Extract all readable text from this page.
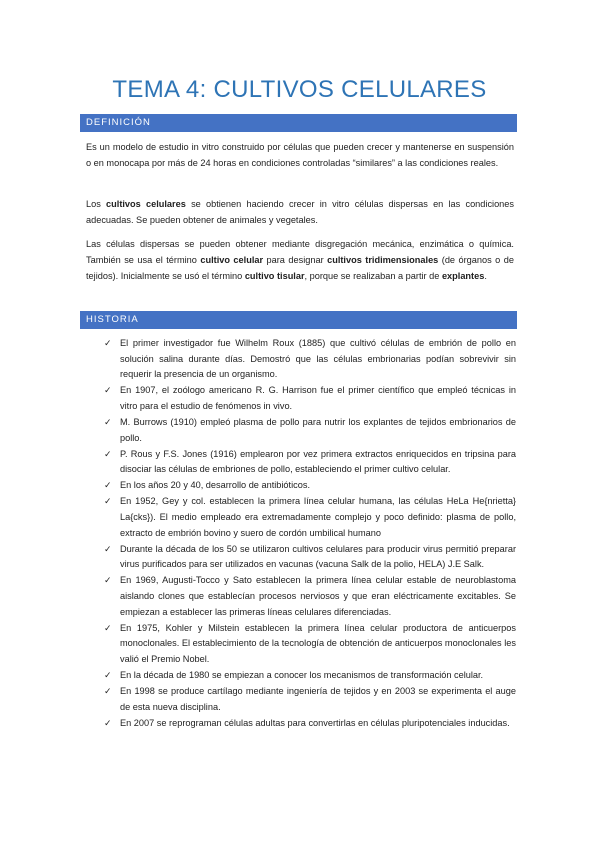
TEMA 4: CULTIVOS CELULARES
DEFINICIÓN

Es un modelo de estudio in vitro construido por células que pueden crecer y mantenerse en suspensión o en monocapa por más de 24 horas en condiciones controladas “similares” a las condiciones reales.

Los cultivos celulares se obtienen haciendo crecer in vitro células dispersas en las condiciones adecuadas. Se pueden obtener de animales y vegetales.

Las células dispersas se pueden obtener mediante disgregación mecánica, enzimática o química. También se usa el término cultivo celular para designar cultivos tridimensionales (de órganos o de tejidos). Inicialmente se usó el término cultivo tisular, porque se realizaban a partir de explantes.

HISTORIA
✓ El primer investigador fue Wilhelm Roux (1885) que cultivó células de embrión de pollo en solución salina durante días. Demostró que las células embrionarias podían sobrevivir sin requerir la presencia de un organismo.
✓ En 1907, el zoólogo americano R. G. Harrison fue el primer científico que empleó técnicas in vitro para el estudio de fenómenos in vivo.
✓ M. Burrows (1910) empleó plasma de pollo para nutrir los explantes de tejidos embrionarios de pollo.
✓ P. Rous y F.S. Jones (1916) emplearon por vez primera extractos enriquecidos en tripsina para disociar las células de embriones de pollo, estableciendo el primer cultivo celular.
✓ En los años 20 y 40, desarrollo de antibióticos.
✓ En 1952, Gey y col. establecen la primera línea celular humana, las células HeLa He{nrietta} La{cks}). El medio empleado era extremadamente complejo y poco definido: plasma de pollo, extracto de embrión bovino y suero de cordón umbilical humano
✓ Durante la década de los 50 se utilizaron cultivos celulares para producir virus permitió preparar virus purificados para ser utilizados en vacunas (vacuna Salk de la polio, HELA) J.E Salk.
✓ En 1969, Augusti-Tocco y Sato establecen la primera línea celular estable de neuroblastoma aislando clones que establecían procesos nerviosos y que eran eléctricamente excitables. Se empiezan a establecer las primeras líneas celulares diferenciadas.
✓ En 1975, Kohler y Milstein establecen la primera línea celular productora de anticuerpos monoclonales. El establecimiento de la tecnología de obtención de anticuerpos monoclonales les valió el Premio Nobel.
✓ En la década de 1980 se empiezan a conocer los mecanismos de transformación celular.
✓ En 1998 se produce cartílago mediante ingeniería de tejidos y en 2003 se experimenta el auge de esta nueva disciplina.
✓ En 2007 se reprograman células adultas para convertirlas en células pluripotenciales inducidas.
